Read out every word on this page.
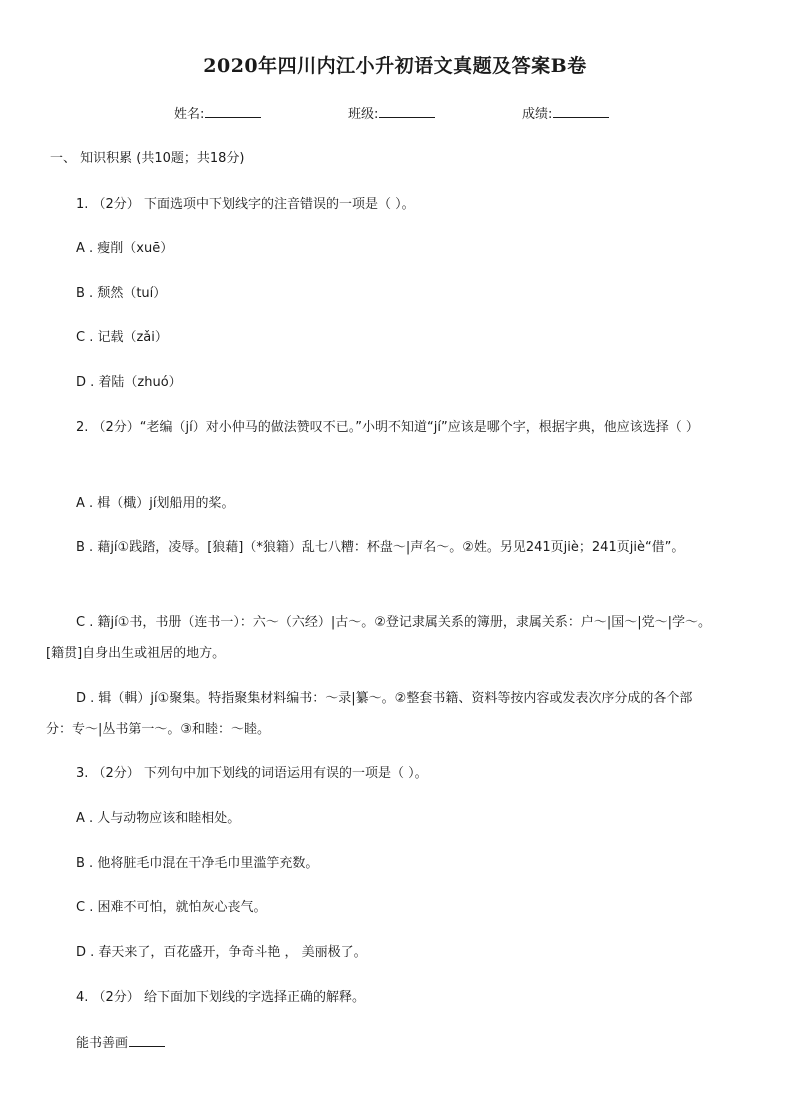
2020年四川内江小升初语文真题及答案B卷
姓名:	班级:	成绩:
一、 知识积累 (共10题；共18分)
1. （2分） 下面选项中下划线字的注音错误的一项是（ ）。
A . 瘦削（xuē）
B . 颓然（tuí）
C . 记载（zǎi）
D . 着陆（zhuó）
2. （2分）“老编（jí）对小仲马的做法赞叹不已。”小明不知道“jí”应该是哪个字，根据字典，他应该选择（ ）
A . 楫（檝）jí划船用的桨。
B . 藉jí①践踏，凌辱。[狼藉]（*狼籍）乱七八糟：杯盘～|声名～。②姓。另见241页jiè；241页jiè“借”。
C . 籍jí①书，书册（连书一）：六～（六经）|古～。②登记隶属关系的簿册，隶属关系：户～|国～|党～|学～。[籍贯]自身出生或祖居的地方。
D . 辑（輯）jí①聚集。特指聚集材料编书：～录|纂～。②整套书籍、资料等按内容或发表次序分成的各个部分：专～|丛书第一～。③和睦：～睦。
3. （2分） 下列句中加下划线的词语运用有误的一项是（ ）。
A . 人与动物应该和睦相处。
B . 他将脏毛巾混在干净毛巾里滥竽充数。
C . 困难不可怕，就怕灰心丧气。
D . 春天来了，百花盛开，争奇斗艳 ， 美丽极了。
4. （2分） 给下面加下划线的字选择正确的解释。
能书善画
